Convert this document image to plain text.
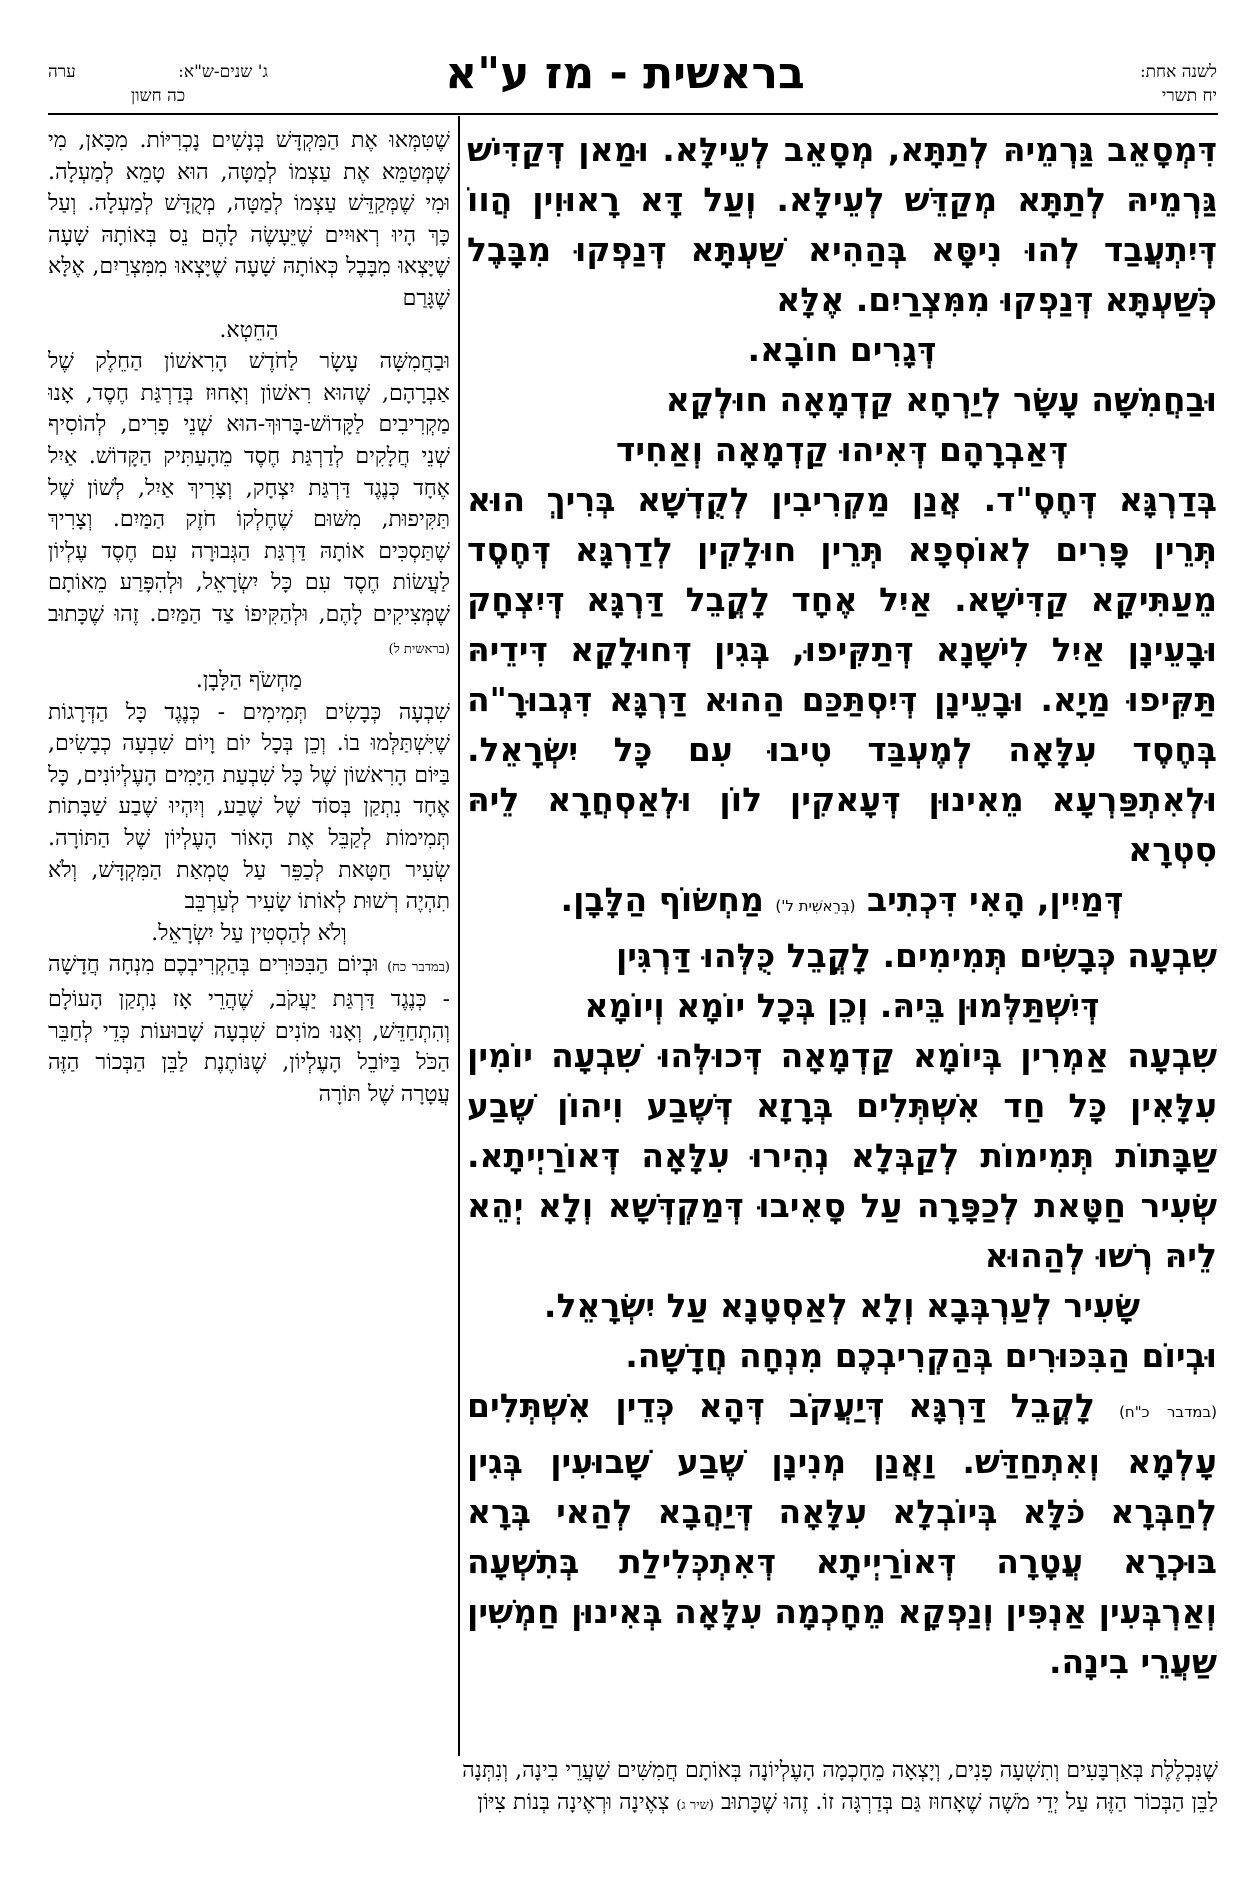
לשנה אחת:
יח תשרי
בראשית - מז ע"א
ג' שנים-ש"א:
ערה
כה חשון

דִּמְסָאֵב גַּרְמֵיהּ לְתַתָּא, מְסָאֵב לְעֵילָּא. וּמַאן דְּקַדִּישׁ גַּרְמֵיהּ לְתַתָּא מְקַדֵּשׁ לְעֵילָּא. וְעַל דָּא רָאוּוִין הֲווֹ דְּיִתְעֲבַד לְהוּ נִיסָּא בְּהַהִיא שַׁעְתָּא דְּנַפְקוּ מִבָּבֶל כְּשַׁעְתָּא דְּנַפְקוּ מִמִּצְרַיִם. אֶלָּא

דְּגָרִים חוֹבָא.

וּבַחֲמִשָּׁה עָשָׂר לְיַרְחָא קַדְמָאָה חוּלְקָא

דְּאַבְרָהָם דְּאִיהוּ קַדְמָאָה וְאַחִיד

בְּדַרְגָּא דְּחֶסֶ"ד. אֲנַן מַקְרִיבִין לְקֻדְשָׁא בְּרִיךְ הוּא תְּרֵין פָּרִים לְאוֹסְפָא תְּרֵין חוּלָקִין לְדַרְגָּא דְּחֶסֶד מֵעַתִּיקָא קַדִּישָׁא. אַיִל אֶחָד לָקֳבֵל דַּרְגָּא דְּיִצְחָק וּבָעֵינָן אַיִל לִישָׁנָא דְּתַקִּיפוּ, בְּגִין דְּחוּלָקָא דִּידֵיהּ תַּקִּיפוּ מַיָא. וּבָעֵינָן דְּיִסְתַּכַּם הַהוּא דַּרְגָּא דִּגְבוּרָ"ה בְּחֶסֶד עִלָּאָה לְמֶעְבַּד טִיבוּ עִם כָּל יִשְׂרָאֵל. וּלְאִתְפַּרְעָא מֵאִינוּן דְּעָאקִין לוֹן וּלְאַסְחֲרָא לֵיהּ סִטְרָא

דְּמַיִין, הָאִי דִּכְתִיב (בְּרֵאשִׁית ל') מַחְשׂוֹף הַלָּבָן.

שִׁבְעָה כְּבָשִׂים תְּמִימִים. לָקֳבֵל כֻּלְּהוּ דַּרְגִּין

דְּיִשְׁתַּלְּמוּן בֵּיהּ. וְכֵן בְּכָל יוֹמָא וְיוֹמָא

שִׁבְעָה אַמְרִין בְּיוֹמָא קַדְמָאָה דְּכוּלְּהוּ שִׁבְעָה יוֹמִין עִלָּאִין כָּל חַד אִשְׁתְּלִים בְּרָזָא דְּשֶׁבַע וִיהוֹן שֶׁבַע שַׁבָּתוֹת תְּמִימוֹת לְקַבְּלָא נְהִירוּ עִלָּאָה דְּאוֹרַיְיתָא. שְׂעִיר חַטָּאת לְכַפָּרָה עַל סָאִיבוּ דְּמַקְדְּשָׁא וְלָא יְהֵא לֵיהּ רְשׁוּ לְהַהוּא

שָׂעִיר לְעַרְבְּבָא וְלָא לְאַסְטָנָא עַל יִשְׂרָאֵל.

וּבְיוֹם הַבִּכּוּרִים בְּהַקְרִיבְכֶם מִנְחָה חֲדָשָׁה.

(במדבר כ"ח) לָקֳבֵל דַּרְגָּא דְּיַעֲקֹב דְּהָא כְּדֵין אִשְׁתְּלִים עָלְמָא וְאִתְחַדַּשׁ. וַאֲנַן מְנִינָן שֶׁבַע שָׁבוּעִין בְּגִין לְחַבְּרָא כֹּלָּא בְּיוֹבְלָא עִלָּאָה דְּיַהֲבָא לְהַאי בְּרָא בּוּכְרָא עֲטָרָה דְּאוֹרַיְיתָא דְּאִתְכְּלִילַת בְּתִשְׁעָה וְאַרְבְּעִין אַנְפִּין וְנַפְקָא מֵחָכְמָה עִלָּאָה בְּאִינוּן חַמְשִׁין שַׁעֲרֵי בִינָה.

שֶׁטִּמְּאוּ אֶת הַמִּקְדָּשׁ בְּנָשִׁים נָכְרִיּוֹת. מִכָּאן, מִי שֶׁמְּטַמֵּא אֶת עַצְמוֹ לְמַטָּה, הוּא טָמֵא לְמַעְלָה. וּמִי שֶׁמְּקַדֵּשׁ עַצְמוֹ לְמַטָּה, מְקֻדָּשׁ לְמַעְלָה. וְעַל כָּךְ הָיוּ רְאוּיִים שֶׁיֵּעָשֶׂה לָהֶם נֵס בְּאוֹתָהּ שָׁעָה שֶׁיָּצְאוּ מִבָּבֶל כְּאוֹתָהּ שָׁעָה שֶׁיָּצְאוּ מִמִּצְרַיִם, אֶלָּא שֶׁגָּרַם

הַחֵטְא.

וּבַחֲמִשָּׁה עָשָׂר לַחֹדֶשׁ הָרִאשׁוֹן הַחֵלֶק שֶׁל אַבְרָהָם, שֶׁהוּא רִאשׁוֹן וְאָחוּז בְּדַרְגַּת חֶסֶד, אָנוּ מַקְרִיבִים לַקָּדוֹשׁ-בָּרוּךְ-הוּא שְׁנֵי פָרִים, לְהוֹסִיף שְׁנֵי חֲלָקִים לְדַרְגַּת חֶסֶד מֵהָעַתִּיק הַקָּדוֹשׁ. אַיִל אֶחָד כְּנֶגֶד דַּרְגַּת יִצְחָק, וְצָרִיךְ אַיִל, לְשׁוֹן שֶׁל תַּקִּיפוּת, מִשּׁוּם שֶׁחֶלְקוֹ חֹזֶק הַמַּיִם. וְצָרִיךְ שֶׁתַּסְכִּים אוֹתָהּ דַּרְגַּת הַגְּבוּרָה עִם חֶסֶד עֶלְיוֹן לַעֲשׂוֹת חֶסֶד עִם כָּל יִשְׂרָאֵל, וּלְהִפָּרַע מֵאוֹתָם שֶׁמְּצִיקִים לָהֶם, וּלְהַקִּיפוֹ צַד הַמַּיִם. זֶהוּ שֶׁכָּתוּב (בראשית ל)

מַחְשֹׂף הַלָּבָן.

שִׁבְעָה כְּבָשִׂים תְּמִימִים - כְּנֶגֶד כָּל הַדְּרָגוֹת שֶׁיִּשְׁתַּלְּמוּ בוֹ. וְכֵן בְּכָל יוֹם וָיוֹם שִׁבְעָה כְבָשִׂים, בַּיּוֹם הָרִאשׁוֹן שֶׁל כָּל שִׁבְעַת הַיָּמִים הָעֶלְיוֹנִים, כָּל אֶחָד נִתְקַן בְּסוֹד שֶׁל שֶׁבַע, וְיִהְיוּ שֶׁבַע שַׁבָּתוֹת תְּמִימוֹת לְקַבֵּל אֶת הָאוֹר הָעֶלְיוֹן שֶׁל הַתּוֹרָה. שְׂעִיר חַטָּאת לְכַפֵּר עַל טֻמְאַת הַמִּקְדָּשׁ, וְלֹא תִהְיֶה רְשׁוּת לְאוֹתוֹ שָׂעִיר לְעַרְבֵּב

וְלֹא לְהַסְטִין עַל יִשְׂרָאֵל.

(במדבר כח) וּבְיוֹם הַבִּכּוּרִים בְּהַקְרִיבְכֶם מִנְחָה חֲדָשָׁה - כְּנֶגֶד דַּרְגַּת יַעֲקֹב, שֶׁהֲרֵי אָז נִתְקַן הָעוֹלָם וְהִתְחַדֵּשׁ, וְאָנוּ מוֹנִים שִׁבְעָה שָׁבוּעוֹת כְּדֵי לְחַבֵּר הַכֹּל בַּיּוֹבֵל הָעֶלְיוֹן, שֶׁנּוֹתֶנֶת לַבֵּן הַבְּכוֹר הַזֶּה עֲטָרָה שֶׁל תּוֹרָה

שֶׁנִּכְלֶלֶת בְּאַרְבָּעִים וְתִשְׁעָה פָנִים, וְיָצְאָה מֵחָכְמָה הָעֶלְיוֹנָה בְּאוֹתָם חֲמִשִּׁים שַׁעֲרֵי בִינָה, וְנִתְּנָה

לַבֵּן הַבְּכוֹר הַזֶּה עַל יְדֵי מֹשֶׁה שֶׁאָחוּז גַּם בְּדַרְגָּה זוֹ. זֶהוּ שֶׁכָּתוּב (שיר ג) צְאֶינָה וּרְאֶינָה בְּנוֹת צִיּוֹן
